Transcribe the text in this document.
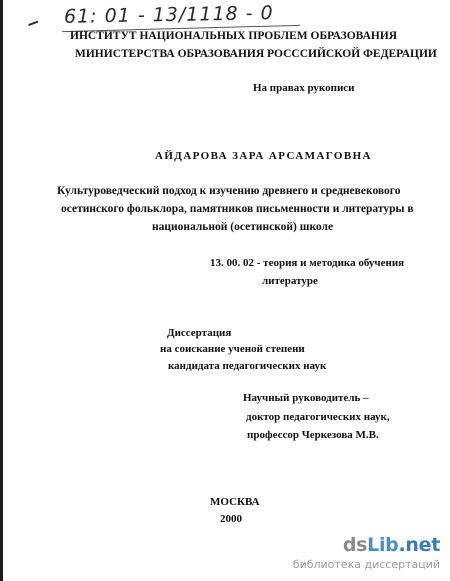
61: 01 - 13/1118 - 0
ИНСТИТУТ НАЦИОНАЛЬНЫХ ПРОБЛЕМ ОБРАЗОВАНИЯ
МИНИСТЕРСТВА ОБРАЗОВАНИЯ РОСССИЙСКОЙ ФЕДЕРАЦИИ
На правах рукописи
АЙДАРОВА ЗАРА АРСАМАГОВНА
Культуроведческий подход к изучению древнего и средневекового
осетинского фольклора, памятников письменности и литературы в
национальной (осетинской) школе
13. 00. 02 - теория и методика обучения
литературе
Диссертация
на соискание ученой степени
кандидата педагогических наук
Научный руководитель –
доктор педагогических наук,
профессор Черкезова М.В.
МОСКВА
2000
dsLib.net
библиотека диссертаций
